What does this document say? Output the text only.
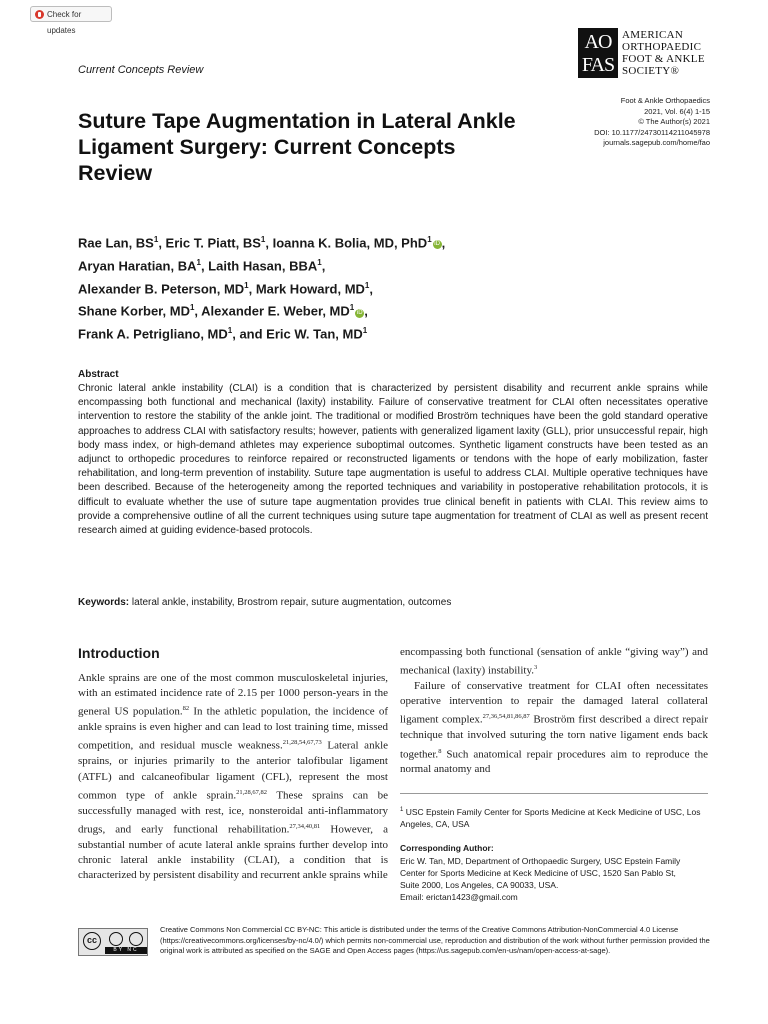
Check for updates
AO
FAS
AMERICAN
ORTHOPAEDIC
FOOT & ANKLE
SOCIETY®
Current Concepts Review
Foot & Ankle Orthopaedics
2021, Vol. 6(4) 1-15
© The Author(s) 2021
DOI: 10.1177/24730114211045978
journals.sagepub.com/home/fao
Suture Tape Augmentation in Lateral Ankle Ligament Surgery: Current Concepts Review
Rae Lan, $BS^1$, Eric T. Piatt, $BS^1$, Ioanna K. Bolia, MD, PhD$^1$iD ,
Aryan Haratian, $BA^1$, Laith Hasan, BBA$^1$,
Alexander B. Peterson, $MD^1$, Mark Howard, $MD^1$,
Shane Korber, $MD^1$, Alexander E. Weber, $MD^1iD$ ,
Frank A. Petrigliano, $MD^1$, and Eric W. Tan, $MD^1$
Abstract
Chronic lateral ankle instability (CLAI) is a condition that is characterized by persistent disability and recurrent ankle sprains while encompassing both functional and mechanical (laxity) instability. Failure of conservative treatment for CLAI often necessitates operative intervention to restore the stability of the ankle joint. The traditional or modified Broström techniques have been the gold standard operative approaches to address CLAI with satisfactory results; however, patients with generalized ligament laxity (GLL), prior unsuccessful repair, high body mass index, or high-demand athletes may experience suboptimal outcomes. Synthetic ligament constructs have been tested as an adjunct to orthopedic procedures to reinforce repaired or reconstructed ligaments or tendons with the hope of early mobilization, faster rehabilitation, and long-term prevention of instability. Suture tape augmentation is useful to address CLAI. Multiple operative techniques have been described. Because of the heterogeneity among the reported techniques and variability in postoperative rehabilitation protocols, it is difficult to evaluate whether the use of suture tape augmentation provides true clinical benefit in patients with CLAI. This review aims to provide a comprehensive outline of all the current techniques using suture tape augmentation for treatment of CLAI as well as present recent research aimed at guiding evidence-based protocols.
Keywords: lateral ankle, instability, Brostrom repair, suture augmentation, outcomes
Introduction

Ankle sprains are one of the most common musculoskeletal injuries, with an estimated incidence rate of 2.15 per 1000 person-years in the general US population.$^{82}$ In the athletic population, the incidence of ankle sprains is even higher and can lead to lost training time, missed competition, and residual muscle weakness.$^{21,28,54,67,73}$ Lateral ankle sprains, or injuries primarily to the anterior talofibular ligament (ATFL) and calcaneofibular ligament (CFL), represent the most common type of ankle sprain.$^{21,28,67,82}$ These sprains can be successfully managed with rest, ice, nonsteroidal anti-inflammatory drugs, and early functional rehabilitation.$^{27,34,40,81}$ However, a substantial number of acute lateral ankle sprains further develop into chronic lateral ankle instability (CLAI), a condition that is characterized by persistent disability and recurrent ankle sprains while

encompassing both functional (sensation of ankle “giving way”) and mechanical (laxity) instability.$^3$

Failure of conservative treatment for CLAI often necessitates operative intervention to repair the damaged lateral collateral ligament complex.$^{27,36,54,81,86,87}$ Broström first described a direct repair technique that involved suturing the torn native ligament ends back together.$^8$ Such anatomical repair procedures aim to reproduce the normal anatomy and

$^1$ USC Epstein Family Center for Sports Medicine at Keck Medicine of USC, Los Angeles, CA, USA
Corresponding Author:
Eric W. Tan, MD, Department of Orthopaedic Surgery, USC Epstein Family
Center for Sports Medicine at Keck Medicine of USC, 1520 San Pablo St,
Suite 2000, Los Angeles, CA 90033, USA.
Email: erictan1423@gmail.com
cc
BY NC
Creative Commons Non Commercial CC BY-NC: This article is distributed under the terms of the Creative Commons Attribution-NonCommercial 4.0 License (https://creativecommons.org/licenses/by-nc/4.0/) which permits non-commercial use, reproduction and distribution of the work without further permission provided the original work is attributed as specified on the SAGE and Open Access pages (https://us.sagepub.com/en-us/nam/open-access-at-sage).
